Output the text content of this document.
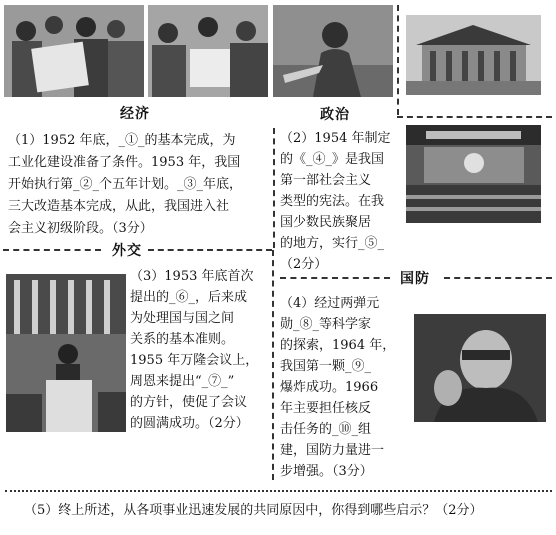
经济
（1）1952 年底，_①_的基本完成，为
工业化建设准备了条件。1953 年，我国
开始执行第_②_个五年计划。_③_年底，
三大改造基本完成，从此，我国进入社
会主义初级阶段。（3分）
政治
（2）1954 年制定
的《_④_》是我国
第一部社会主义
类型的宪法。在我
国少数民族聚居
的地方，实行_⑤_
（2分）
外交
（3）1953 年底首次
提出的_⑥_，后来成
为处理国与国之间
关系的基本准则。
1955 年万隆会议上，
周恩来提出“_⑦_”
的方针，使促了会议
的圆满成功。（2分）
国防
（4）经过两弹元
勋_⑧_等科学家
的探索，1964 年，
我国第一颗_⑨_
爆炸成功。1966
年主要担任核反
击任务的_⑩_组
建，国防力量进一
步增强。（3分）
（5）终上所述，从各项事业迅速发展的共同原因中，你得到哪些启示？（2分）
